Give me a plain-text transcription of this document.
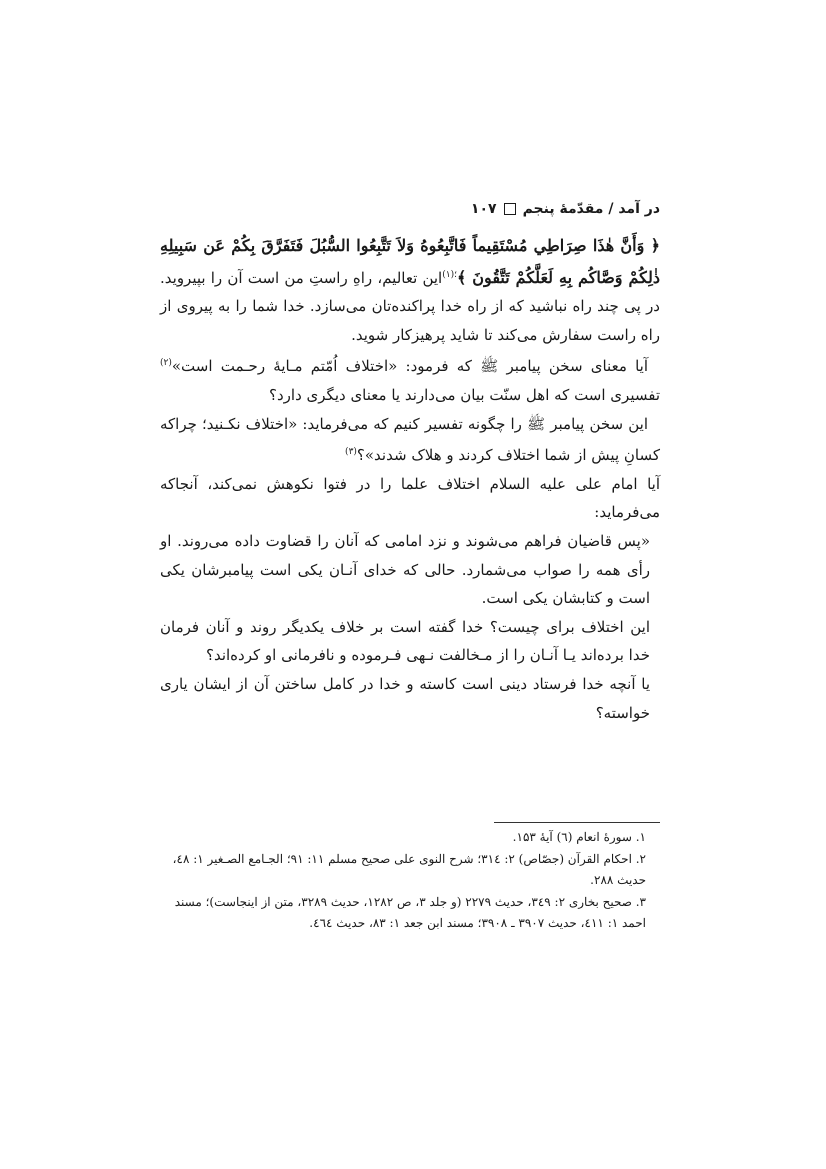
در آمد / مقدّمهٔ پنجم
۱۰۷

﴿ وَأَنَّ هٰذَا صِرَاطِي مُسْتَقِيماً فَاتَّبِعُوهُ وَلاَ تَتَّبِعُوا السُّبُلَ فَتَفَرَّقَ بِكُمْ عَن سَبِيلِهِ ذٰلِكُمْ وَصَّاكُم بِهِ لَعَلَّكُمْ تَتَّقُونَ ﴾$^{؛(۱)}$این تعالیم، راهِ راستِ من است آن را بپیروید. در پی چند راه نباشید که از راه خدا پراکنده‌تان می‌سازد. خدا شما را به پیروی از راه راست سفارش می‌کند تا شاید پرهیزکار شوید.

آیا معنای سخن پیامبر ﷺ که فرمود: «اختلاف اُمّتم مـایهٔ رحـمت است»$^{(۲)}$ تفسیری است که اهل سنّت بیان می‌دارند یا معنای دیگری دارد؟

این سخن پیامبر ﷺ را چگونه تفسیر کنیم که می‌فرماید: «اختلاف نکـنید؛ چراکه کسانِ پیش از شما اختلاف کردند و هلاک شدند»؟$^{(۳)}$

آیا امام علی علیه السلام اختلاف علما را در فتوا نکوهش نمی‌کند، آنجاکه می‌فرماید:

«پس قاضیان فراهم می‌شوند و نزد امامی که آنان را قضاوت داده می‌روند. او رأی همه را صواب می‌شمارد. حالی که خدای آنـان یکی است پیامبرشان یکی است و کتابشان یکی است.

این اختلاف برای چیست؟ خدا گفته است بر خلاف یکدیگر روند و آنان فرمان خدا برده‌اند یـا آنـان را از مـخالفت نـهی فـرموده و نافرمانی او کرده‌اند؟

یا آنچه خدا فرستاد دینی است کاسته و خدا در کامل ساختن آن از ایشان یاری خواسته؟

۱. سورهٔ انعام (٦) آیهٔ ۱۵۳.

۲. احکام القرآن (جصّاص) ۲: ۳۱٤؛ شرح النوی علی صحیح مسلم ۱۱: ۹۱؛ الجـامع الصـغیر ۱: ٤۸، حدیث ۲۸۸.

۳. صحیح بخاری ۲: ۳٤۹، حدیث ۲۲۷۹ (و جلد ۳، ص ۱۲۸۲، حدیث ۳۲۸۹، متن از اینجاست)؛ مسند احمد ۱: ٤۱۱، حدیث ۳۹۰۷ ـ ۳۹۰۸؛ مسند ابن جعد ۱: ۸۳، حدیث ٤٦٤.
